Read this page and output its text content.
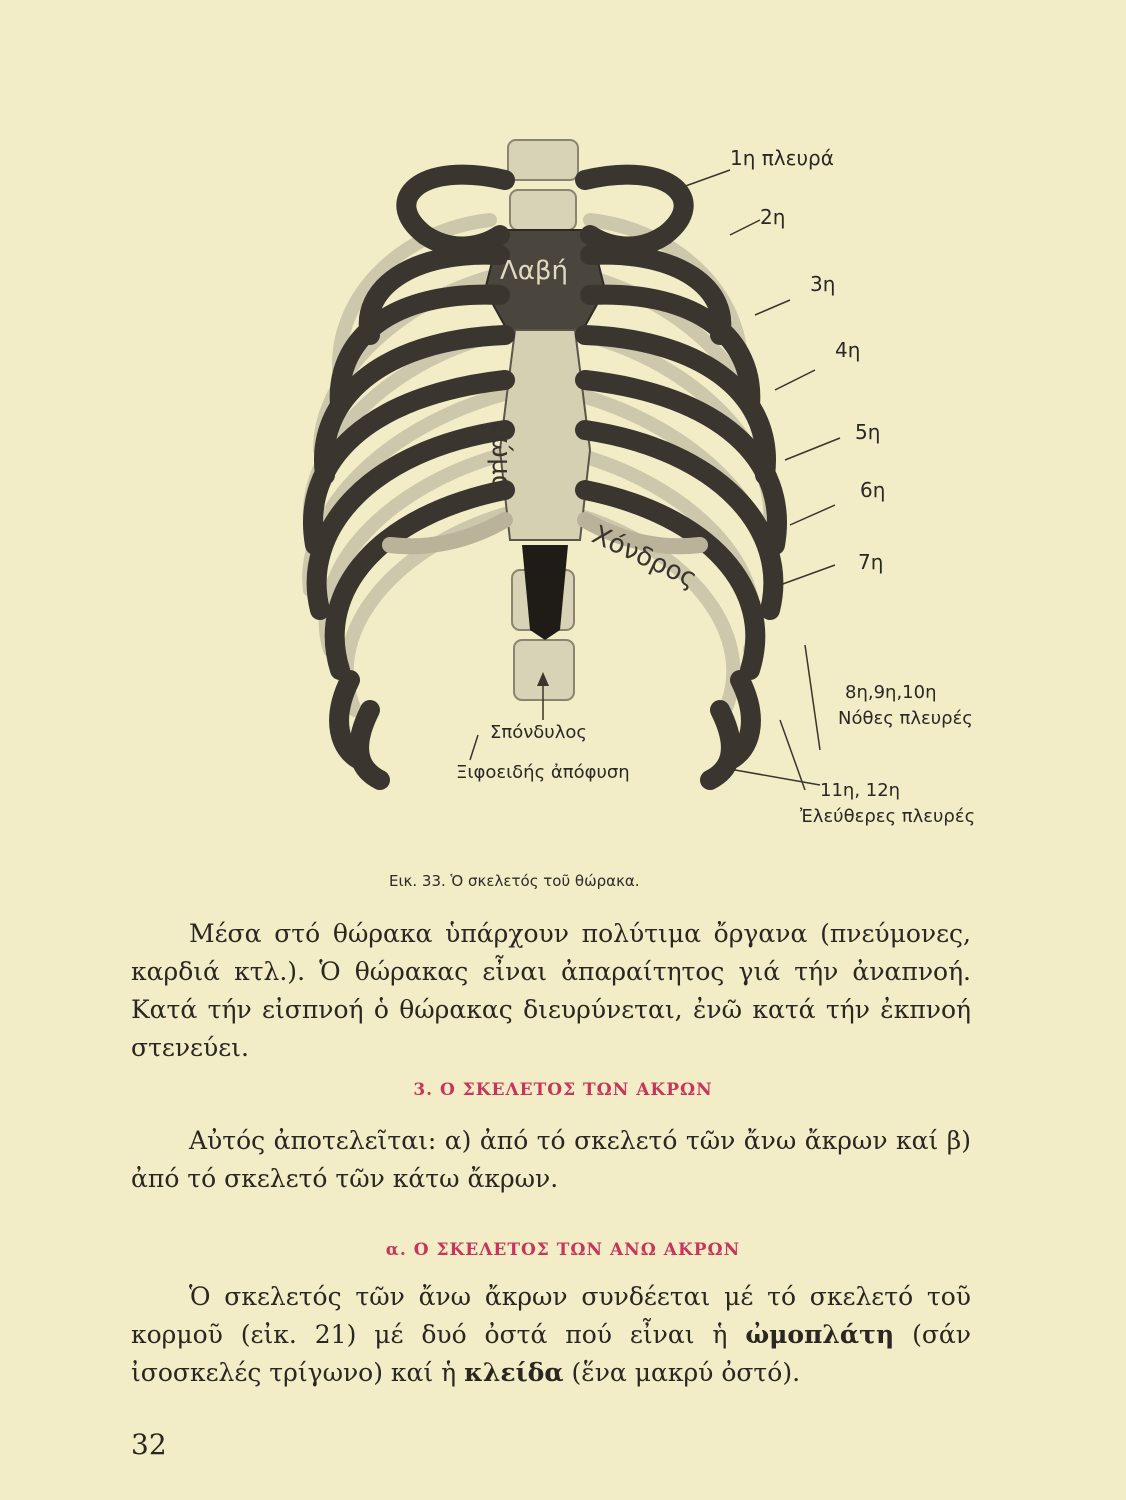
1η πλευρά
2η
3η
4η
5η
6η
7η
8η,9η,10η
Νόθες πλευρές
11η, 12η
Ἐλεύθερες πλευρές
Λαβή
Σώμα
Χόνδρος
Σπόνδυλος
Ξιφοειδής ἀπόφυση
Εικ. 33. Ὁ σκελετός τοῦ θώρακα.

Μέσα στό θώρακα ὑπάρχουν πολύτιμα ὄργανα (πνεύμονες, καρδιά κτλ.). Ὁ θώρακας εἶναι ἀπαραίτητος γιά τήν ἀναπνοή. Κατά τήν εἰσπνοή ὁ θώρακας διευρύνεται, ἐνῶ κατά τήν ἐκπνοή στενεύει.

3. Ο ΣΚΕΛΕΤΟΣ ΤΩΝ ΑΚΡΩΝ

Αὐτός ἀποτελεῖται: α) ἀπό τό σκελετό τῶν ἄνω ἄκρων καί β) ἀπό τό σκελετό τῶν κάτω ἄκρων.

α. Ο ΣΚΕΛΕΤΟΣ ΤΩΝ ΑΝΩ ΑΚΡΩΝ

Ὁ σκελετός τῶν ἄνω ἄκρων συνδέεται μέ τό σκελετό τοῦ κορμοῦ (εἰκ. 21) μέ δυό ὀστά πού εἶναι ἡ ὠμοπλάτη (σάν ἰσοσκελές τρίγωνο) καί ἡ κλείδα (ἕνα μακρύ ὀστό).

32
